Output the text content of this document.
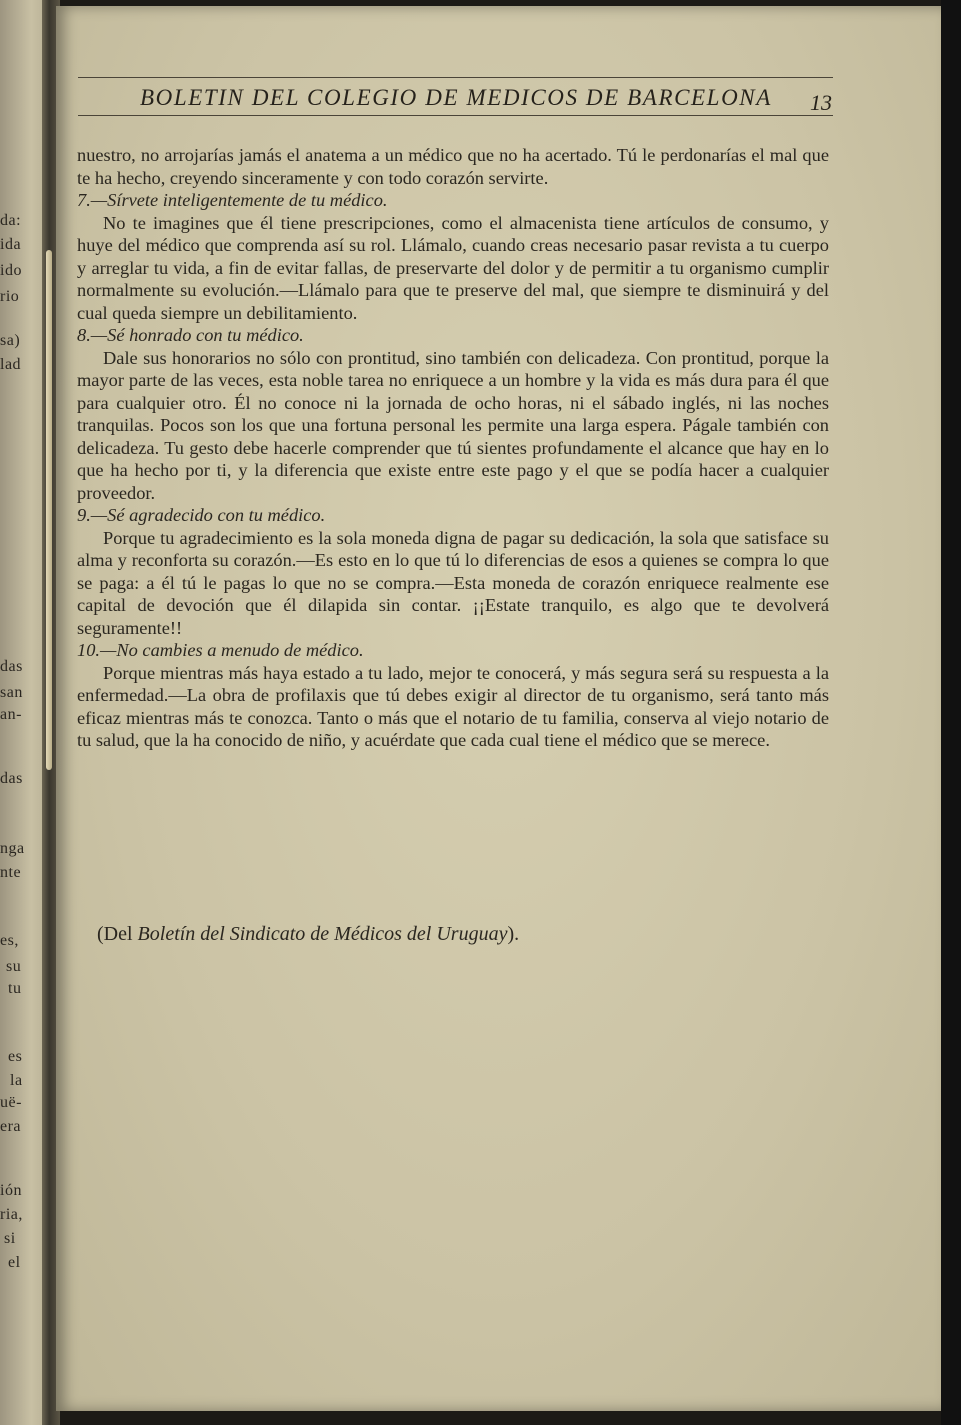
da:
ida
ido
rio
sa)
lad
das
san
an-
das
nga
nte
es,
su
tu
es
la
uë-
era
ión
ria,
si
el
BOLETIN DEL COLEGIO DE MEDICOS DE BARCELONA 13

nuestro, no arrojarías jamás el anatema a un médico que no ha acertado. Tú le perdonarías el mal que te ha hecho, creyendo sinceramente y con todo corazón servirte.

7.—Sírvete inteligentemente de tu médico.

No te imagines que él tiene prescripciones, como el almacenista tiene artículos de consumo, y huye del médico que comprenda así su rol. Llámalo, cuando creas necesario pasar revista a tu cuerpo y arreglar tu vida, a fin de evitar fallas, de preservarte del dolor y de permitir a tu organismo cumplir normalmente su evolución.—Llámalo para que te preserve del mal, que siempre te disminuirá y del cual queda siempre un debilitamiento.

8.—Sé honrado con tu médico.

Dale sus honorarios no sólo con prontitud, sino también con delicadeza. Con prontitud, porque la mayor parte de las veces, esta noble tarea no enriquece a un hombre y la vida es más dura para él que para cualquier otro. Él no conoce ni la jornada de ocho horas, ni el sábado inglés, ni las noches tranquilas. Pocos son los que una fortuna personal les permite una larga espera. Págale también con delicadeza. Tu gesto debe hacerle comprender que tú sientes profundamente el alcance que hay en lo que ha hecho por ti, y la diferencia que existe entre este pago y el que se podía hacer a cualquier proveedor.

9.—Sé agradecido con tu médico.

Porque tu agradecimiento es la sola moneda digna de pagar su dedicación, la sola que satisface su alma y reconforta su corazón.—Es esto en lo que tú lo diferencias de esos a quienes se compra lo que se paga: a él tú le pagas lo que no se compra.—Esta moneda de corazón enriquece realmente ese capital de devoción que él dilapida sin contar. ¡¡Estate tranquilo, es algo que te devolverá seguramente!!

10.—No cambies a menudo de médico.

Porque mientras más haya estado a tu lado, mejor te conocerá, y más segura será su respuesta a la enfermedad.—La obra de profilaxis que tú debes exigir al director de tu organismo, será tanto más eficaz mientras más te conozca. Tanto o más que el notario de tu familia, conserva al viejo notario de tu salud, que la ha conocido de niño, y acuérdate que cada cual tiene el médico que se merece.

(Del Boletín del Sindicato de Médicos del Uruguay).
